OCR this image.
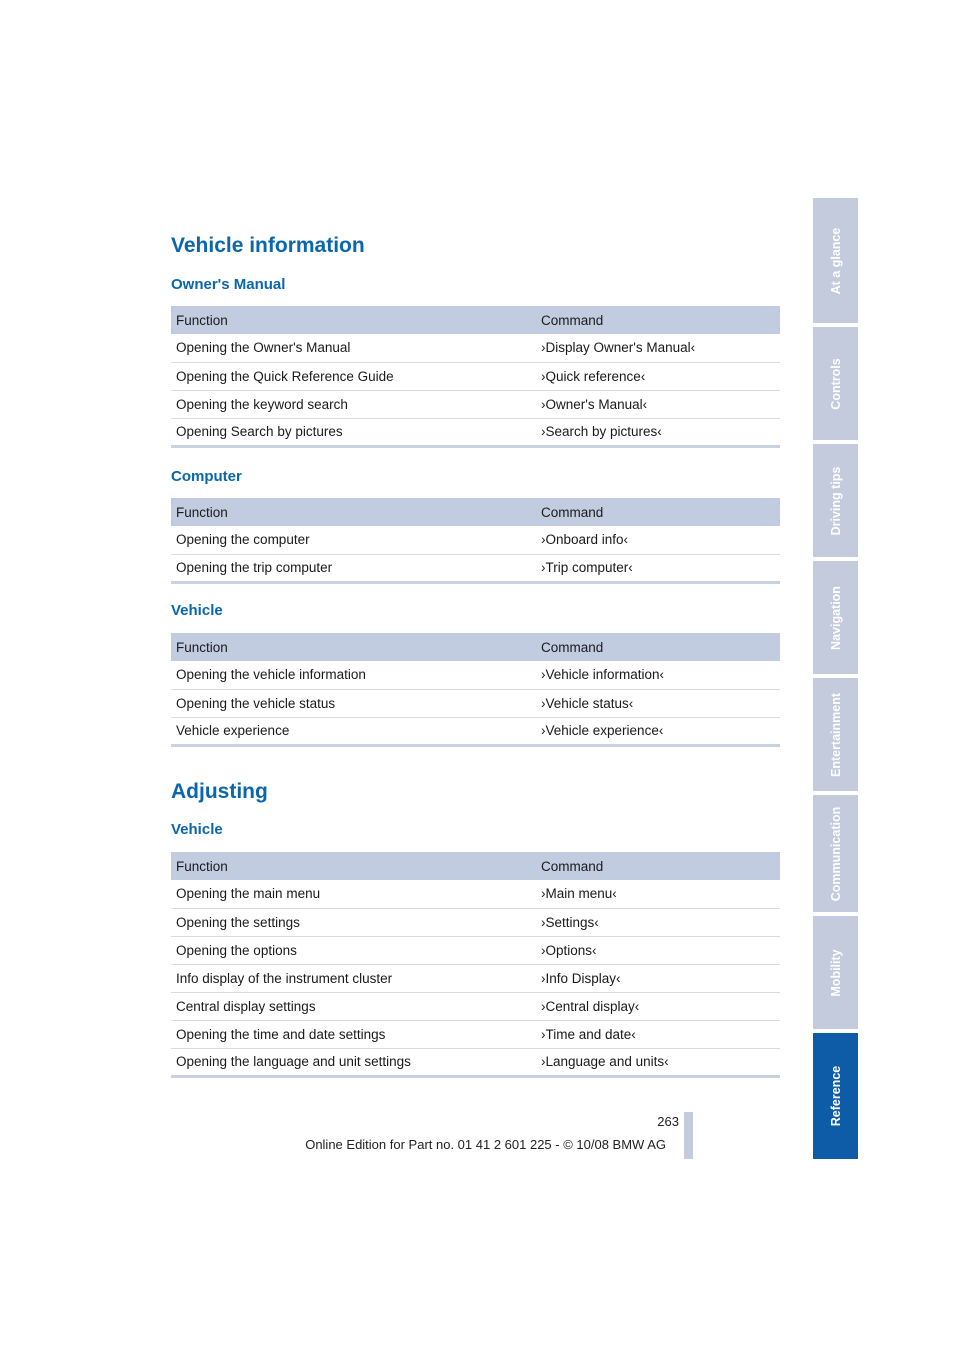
Vehicle information
Owner's Manual
Function	Command
Opening the Owner's Manual	›Display Owner's Manual‹
Opening the Quick Reference Guide	›Quick reference‹
Opening the keyword search	›Owner's Manual‹
Opening Search by pictures	›Search by pictures‹
Computer
Function	Command
Opening the computer	›Onboard info‹
Opening the trip computer	›Trip computer‹
Vehicle
Function	Command
Opening the vehicle information	›Vehicle information‹
Opening the vehicle status	›Vehicle status‹
Vehicle experience	›Vehicle experience‹
Adjusting
Vehicle
Function	Command
Opening the main menu	›Main menu‹
Opening the settings	›Settings‹
Opening the options	›Options‹
Info display of the instrument cluster	›Info Display‹
Central display settings	›Central display‹
Opening the time and date settings	›Time and date‹
Opening the language and unit settings	›Language and units‹
At a glance
Controls
Driving tips
Navigation
Entertainment
Communication
Mobility
Reference
263
Online Edition for Part no. 01 41 2 601 225 - © 10/08 BMW AG
